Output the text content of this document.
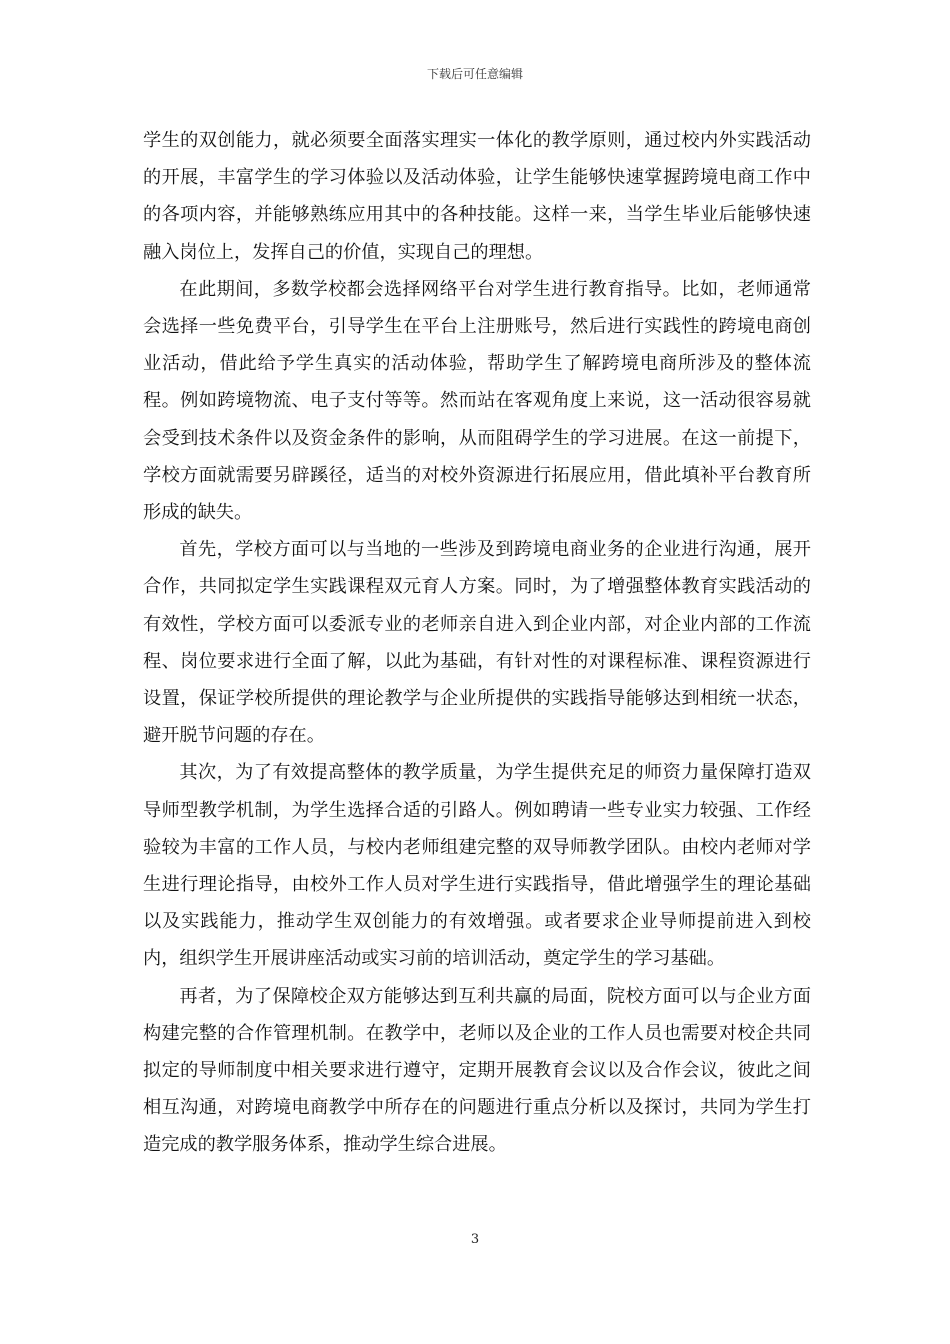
下载后可任意编辑

学生的双创能力，就必须要全面落实理实一体化的教学原则，通过校内外实践活动的开展，丰富学生的学习体验以及活动体验，让学生能够快速掌握跨境电商工作中的各项内容，并能够熟练应用其中的各种技能。这样一来，当学生毕业后能够快速融入岗位上，发挥自己的价值，实现自己的理想。

在此期间，多数学校都会选择网络平台对学生进行教育指导。比如，老师通常会选择一些免费平台，引导学生在平台上注册账号，然后进行实践性的跨境电商创业活动，借此给予学生真实的活动体验，帮助学生了解跨境电商所涉及的整体流程。例如跨境物流、电子支付等等。然而站在客观角度上来说，这一活动很容易就会受到技术条件以及资金条件的影响，从而阻碍学生的学习进展。在这一前提下，学校方面就需要另辟蹊径，适当的对校外资源进行拓展应用，借此填补平台教育所形成的缺失。

首先，学校方面可以与当地的一些涉及到跨境电商业务的企业进行沟通，展开合作，共同拟定学生实践课程双元育人方案。同时，为了增强整体教育实践活动的有效性，学校方面可以委派专业的老师亲自进入到企业内部，对企业内部的工作流程、岗位要求进行全面了解，以此为基础，有针对性的对课程标准、课程资源进行设置，保证学校所提供的理论教学与企业所提供的实践指导能够达到相统一状态，避开脱节问题的存在。

其次，为了有效提高整体的教学质量，为学生提供充足的师资力量保障打造双导师型教学机制，为学生选择合适的引路人。例如聘请一些专业实力较强、工作经验较为丰富的工作人员，与校内老师组建完整的双导师教学团队。由校内老师对学生进行理论指导，由校外工作人员对学生进行实践指导，借此增强学生的理论基础以及实践能力，推动学生双创能力的有效增强。或者要求企业导师提前进入到校内，组织学生开展讲座活动或实习前的培训活动，奠定学生的学习基础。

再者，为了保障校企双方能够达到互利共赢的局面，院校方面可以与企业方面构建完整的合作管理机制。在教学中，老师以及企业的工作人员也需要对校企共同拟定的导师制度中相关要求进行遵守，定期开展教育会议以及合作会议，彼此之间相互沟通，对跨境电商教学中所存在的问题进行重点分析以及探讨，共同为学生打造完成的教学服务体系，推动学生综合进展。

3
